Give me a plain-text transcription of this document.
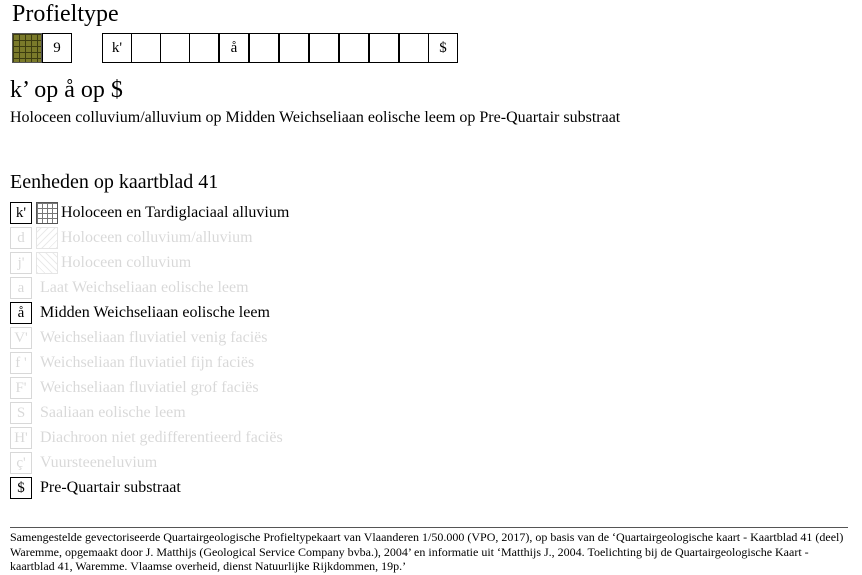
Profieltype
9	k'	å	$
k’ op å op $
Holoceen colluvium/alluvium op Midden Weichseliaan eolische leem op Pre-Quartair substraat
Eenheden op kaartblad 41
k'	Holoceen en Tardiglaciaal alluvium
d	Holoceen colluvium/alluvium
j'	Holoceen colluvium
a Laat Weichseliaan eolische leem
å Midden Weichseliaan eolische leem
V' Weichseliaan fluviatiel venig faciës
f ' Weichseliaan fluviatiel fijn faciës
F' Weichseliaan fluviatiel grof faciës
S Saaliaan eolische leem
H' Diachroon niet gedifferentieerd faciës
ç' Vuursteeneluvium
$ Pre-Quartair substraat
Samengestelde gevectoriseerde Quartairgeologische Profieltypekaart van Vlaanderen 1/50.000 (VPO, 2017), op basis van de ‘Quartairgeologische kaart - Kaartblad 41 (deel) Waremme, opgemaakt door J. Matthijs (Geological Service Company bvba.), 2004’ en informatie uit ‘Matthijs J., 2004. Toelichting bij de Quartairgeologische Kaart - kaartblad 41, Waremme. Vlaamse overheid, dienst Natuurlijke Rijkdommen, 19p.’
